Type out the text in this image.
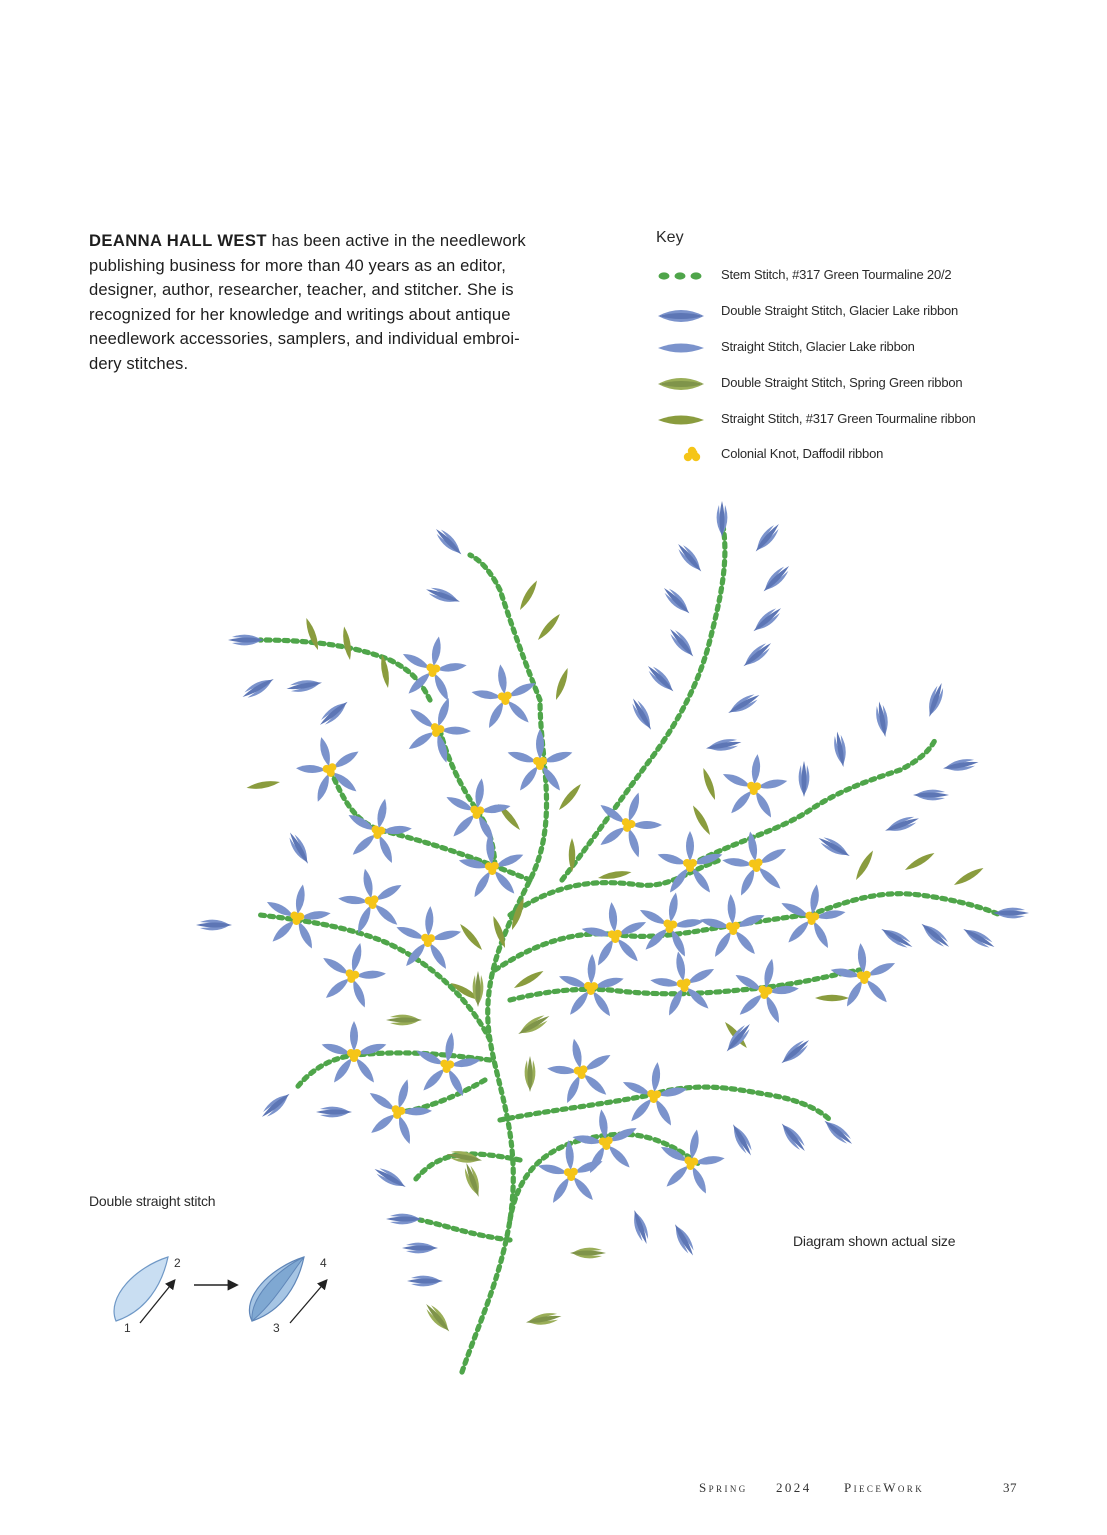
DEANNA HALL WEST has been active in the needlework publishing business for more than 40 years as an editor, designer, author, researcher, teacher, and stitcher. She is recognized for her knowledge and writings about antique needlework accessories, samplers, and individual embroi-dery stitches.
Key
Stem Stitch, #317 Green Tourmaline 20/2
Double Straight Stitch, Glacier Lake ribbon
Straight Stitch, Glacier Lake ribbon
Double Straight Stitch, Spring Green ribbon
Straight Stitch, #317 Green Tourmaline ribbon
Colonial Knot, Daffodil ribbon
Double straight stitch
1
2
3
4
Diagram shown actual size
Spring 2024 PieceWork	37
